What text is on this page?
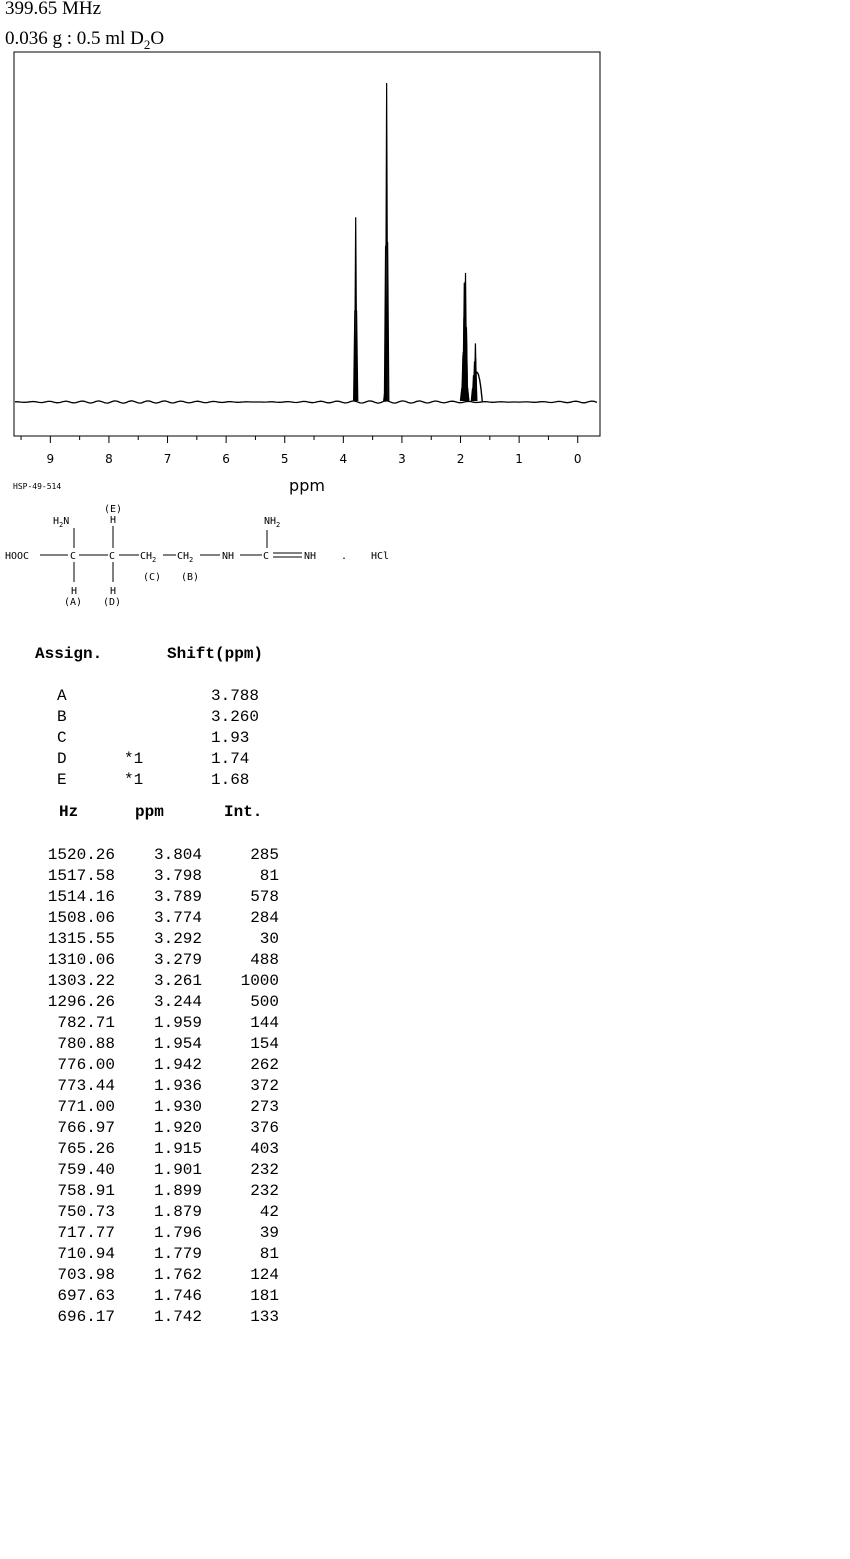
399.65 MHz
0.036 g : 0.5 ml $D_2O$
9	8	7	6	5	4	3	2	1	0
ppm
HSP-49-514
$NH_2$
$H_2N$
(E)
H
HOOC	C	C $CH_2$ $CH_2$	NH	C	NH . HCl
(C) (B)
H	H
(A) (D)
Assign.	Shift(ppm)
A		3.788
B		3.260
C		1.93
D	*1	1.74
E	*1	1.68
Hz	ppm	Int.
1520.26	3.804	285
1517.58	3.798	81
1514.16	3.789	578
1508.06	3.774	284
1315.55	3.292	30
1310.06	3.279	488
1303.22	3.261	1000
1296.26	3.244	500
782.71	1.959	144
780.88	1.954	154
776.00	1.942	262
773.44	1.936	372
771.00	1.930	273
766.97	1.920	376
765.26	1.915	403
759.40	1.901	232
758.91	1.899	232
750.73	1.879	42
717.77	1.796	39
710.94	1.779	81
703.98	1.762	124
697.63	1.746	181
696.17	1.742	133
